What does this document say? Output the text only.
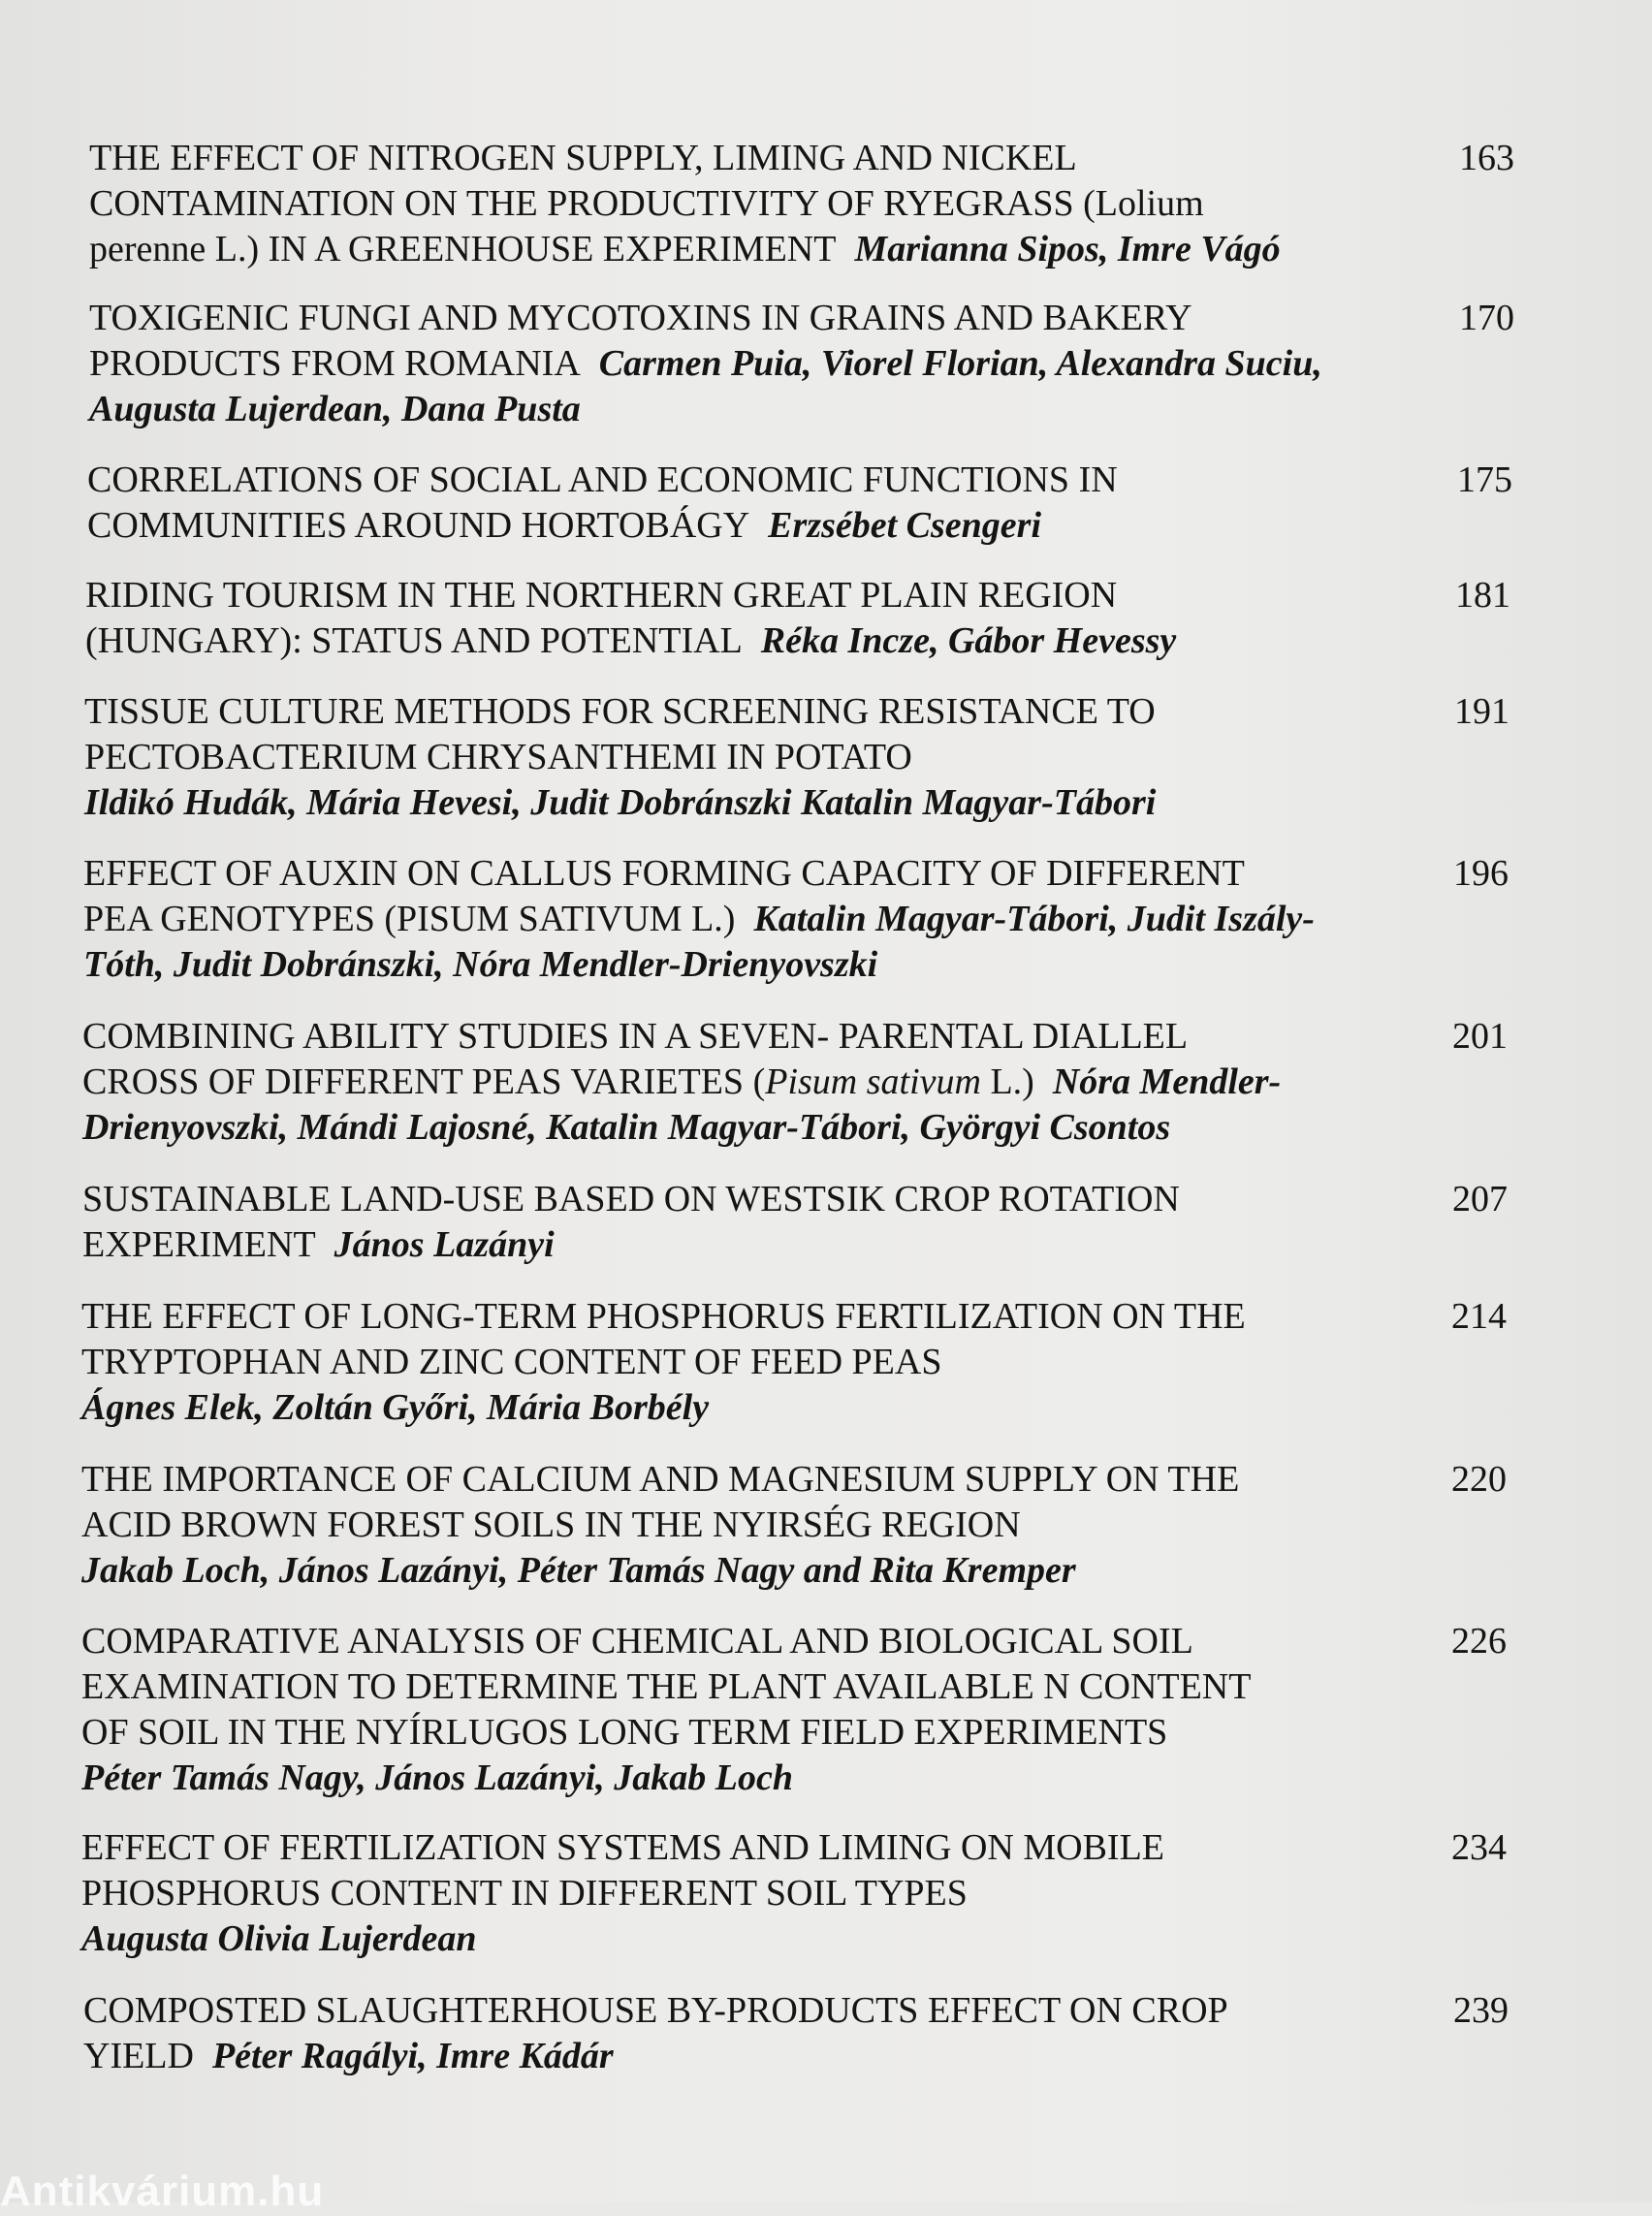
THE EFFECT OF NITROGEN SUPPLY, LIMING AND NICKEL
CONTAMINATION ON THE PRODUCTIVITY OF RYEGRASS (Lolium
perenne L.) IN A GREENHOUSE EXPERIMENT Marianna Sipos, Imre Vágó
163
TOXIGENIC FUNGI AND MYCOTOXINS IN GRAINS AND BAKERY
PRODUCTS FROM ROMANIA Carmen Puia, Viorel Florian, Alexandra Suciu, Augusta Lujerdean, Dana Pusta
170
CORRELATIONS OF SOCIAL AND ECONOMIC FUNCTIONS IN
COMMUNITIES AROUND HORTOBÁGY Erzsébet Csengeri
175
RIDING TOURISM IN THE NORTHERN GREAT PLAIN REGION
(HUNGARY): STATUS AND POTENTIAL Réka Incze, Gábor Hevessy
181
TISSUE CULTURE METHODS FOR SCREENING RESISTANCE TO
PECTOBACTERIUM CHRYSANTHEMI IN POTATO
Ildikó Hudák, Mária Hevesi, Judit Dobránszki Katalin Magyar-Tábori
191
EFFECT OF AUXIN ON CALLUS FORMING CAPACITY OF DIFFERENT
PEA GENOTYPES (PISUM SATIVUM L.) Katalin Magyar-Tábori, Judit Iszály-Tóth, Judit Dobránszki, Nóra Mendler-Drienyovszki
196
COMBINING ABILITY STUDIES IN A SEVEN- PARENTAL DIALLEL
CROSS OF DIFFERENT PEAS VARIETES (Pisum sativum L.) Nóra Mendler-Drienyovszki, Mándi Lajosné, Katalin Magyar-Tábori, Györgyi Csontos
201
SUSTAINABLE LAND-USE BASED ON WESTSIK CROP ROTATION
EXPERIMENT János Lazányi
207
THE EFFECT OF LONG-TERM PHOSPHORUS FERTILIZATION ON THE
TRYPTOPHAN AND ZINC CONTENT OF FEED PEAS
Ágnes Elek, Zoltán Győri, Mária Borbély
214
THE IMPORTANCE OF CALCIUM AND MAGNESIUM SUPPLY ON THE
ACID BROWN FOREST SOILS IN THE NYIRSÉG REGION
Jakab Loch, János Lazányi, Péter Tamás Nagy and Rita Kremper
220
COMPARATIVE ANALYSIS OF CHEMICAL AND BIOLOGICAL SOIL
EXAMINATION TO DETERMINE THE PLANT AVAILABLE N CONTENT
OF SOIL IN THE NYÍRLUGOS LONG TERM FIELD EXPERIMENTS
Péter Tamás Nagy, János Lazányi, Jakab Loch
226
EFFECT OF FERTILIZATION SYSTEMS AND LIMING ON MOBILE
PHOSPHORUS CONTENT IN DIFFERENT SOIL TYPES
Augusta Olivia Lujerdean
234
COMPOSTED SLAUGHTERHOUSE BY-PRODUCTS EFFECT ON CROP
YIELD Péter Ragályi, Imre Kádár
239
Antikvárium.hu
